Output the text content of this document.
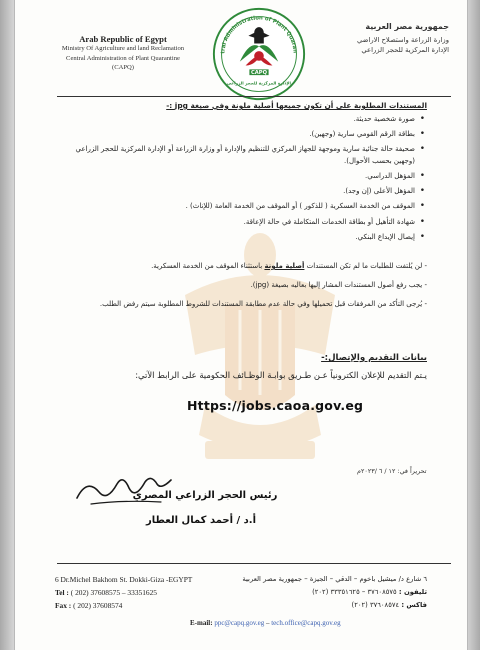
Arab Republic of Egypt
Ministry Of Agriculture and land Reclamation
Central Administration of Plant Quarantine
(CAPQ)
tral Administration of Plant Quaran
CAPQ
الإدارة المركزية للحجر الزراعي
جمهورية مصر العربية
وزارة الزراعة واستصلاح الاراضي
الإدارة المركزية للحجر الزراعي
المستندات المطلوبة على أن تكون جميعها أصلية ملونة وفي صيغة jpg :-
• صورة شخصية حديثة.
• بطاقة الرقم القومي سارية (وجهين).
• صحيفة حالة جنائية سارية وموجهة للجهاز المركزي للتنظيم والإدارة أو وزارة الزراعة أو الإدارة المركزية للحجر الزراعي (وجهين بحسب الأحوال).
• المؤهل الدراسي.
• المؤهل الأعلى (إن وجد).
• الموقف من الخدمة العسكرية ( للذكور ) أو الموقف من الخدمة العامة (للإناث) .
• شهادة التأهيل أو بطاقة الخدمات المتكاملة في حالة الإعاقة.
• إيصال الإيداع البنكي.

- لن يُلتفت للطلبات ما لم تكن المستندات أصلية ملونة باستثناء الموقف من الخدمة العسكرية.

- يجب رفع أصول المستندات المشار إليها بعاليه بصيغة (jpg).

- يُرجى التأكد من المرفقات قبل تحميلها وفي حالة عدم مطابقة المستندات للشروط المطلوبة سيتم رفض الطلب.

بيانات التقديم والإتصال:-
يـتم التقديم للإعلان الكترونياً عـن طـريق بوابـة الوظـائف الحكومية على الرابط الآتي:
Https://jobs.caoa.gov.eg
تحريراً في: ١٢ / ٦ /٢٠٢٣م
رئيس الحجر الزراعي المصري
أ.د / أحمد كمال العطار
6 Dr.Michel Bakhom St. Dokki-Giza -EGYPT
Tel : ( 202) 37608575 – 33351625
Fax : ( 202) 37608574
٦ شارع د/ ميشيل باخوم – الدقي – الجيزة – جمهورية مصر العربية
تليفون : ٣٧٦٠٨٥٧٥ – ٣٣٣٥١٦٢٥ (٢٠٢)
فاكس : ٣٧٦٠٨٥٧٤ (٢٠٢)
E-mail: ppc@capq.gov.eg – tech.office@capq.gov.eg
